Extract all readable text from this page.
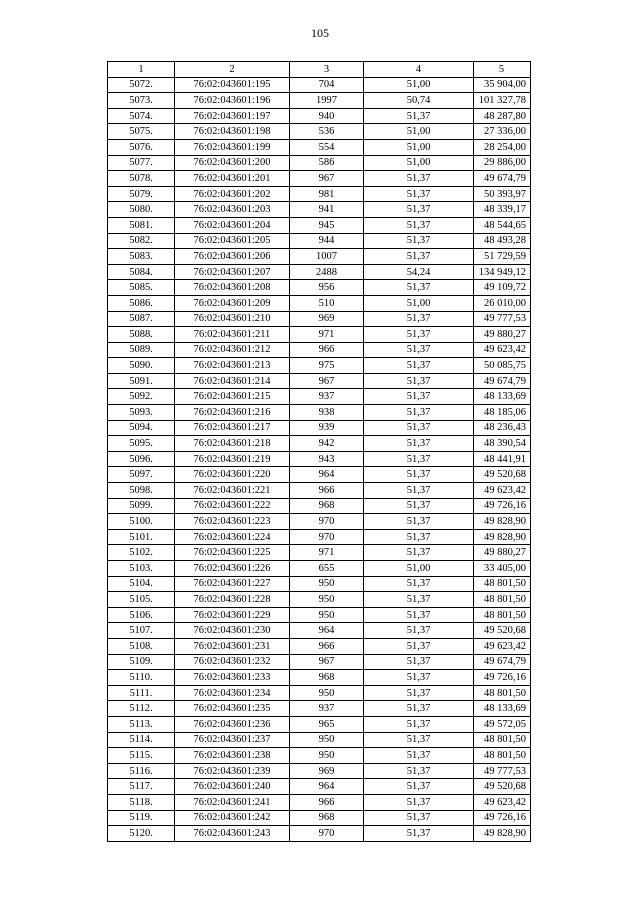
105
1	2	3	4	5
5072.	76:02:043601:195	704	51,00	35 904,00
5073.	76:02:043601:196	1997	50,74	101 327,78
5074.	76:02:043601:197	940	51,37	48 287,80
5075.	76:02:043601:198	536	51,00	27 336,00
5076.	76:02:043601:199	554	51,00	28 254,00
5077.	76:02:043601:200	586	51,00	29 886,00
5078.	76:02:043601:201	967	51,37	49 674,79
5079.	76:02:043601:202	981	51,37	50 393,97
5080.	76:02:043601:203	941	51,37	48 339,17
5081.	76:02:043601:204	945	51,37	48 544,65
5082.	76:02:043601:205	944	51,37	48 493,28
5083.	76:02:043601:206	1007	51,37	51 729,59
5084.	76:02:043601:207	2488	54,24	134 949,12
5085.	76:02:043601:208	956	51,37	49 109,72
5086.	76:02:043601:209	510	51,00	26 010,00
5087.	76:02:043601:210	969	51,37	49 777,53
5088.	76:02:043601:211	971	51,37	49 880,27
5089.	76:02:043601:212	966	51,37	49 623,42
5090.	76:02:043601:213	975	51,37	50 085,75
5091.	76:02:043601:214	967	51,37	49 674,79
5092.	76:02:043601:215	937	51,37	48 133,69
5093.	76:02:043601:216	938	51,37	48 185,06
5094.	76:02:043601:217	939	51,37	48 236,43
5095.	76:02:043601:218	942	51,37	48 390,54
5096.	76:02:043601:219	943	51,37	48 441,91
5097.	76:02:043601:220	964	51,37	49 520,68
5098.	76:02:043601:221	966	51,37	49 623,42
5099.	76:02:043601:222	968	51,37	49 726,16
5100.	76:02:043601:223	970	51,37	49 828,90
5101.	76:02:043601:224	970	51,37	49 828,90
5102.	76:02:043601:225	971	51,37	49 880,27
5103.	76:02:043601:226	655	51,00	33 405,00
5104.	76:02:043601:227	950	51,37	48 801,50
5105.	76:02:043601:228	950	51,37	48 801,50
5106.	76:02:043601:229	950	51,37	48 801,50
5107.	76:02:043601:230	964	51,37	49 520,68
5108.	76:02:043601:231	966	51,37	49 623,42
5109.	76:02:043601:232	967	51,37	49 674,79
5110.	76:02:043601:233	968	51,37	49 726,16
5111.	76:02:043601:234	950	51,37	48 801,50
5112.	76:02:043601:235	937	51,37	48 133,69
5113.	76:02:043601:236	965	51,37	49 572,05
5114.	76:02:043601:237	950	51,37	48 801,50
5115.	76:02:043601:238	950	51,37	48 801,50
5116.	76:02:043601:239	969	51,37	49 777,53
5117.	76:02:043601:240	964	51,37	49 520,68
5118.	76:02:043601:241	966	51,37	49 623,42
5119.	76:02:043601:242	968	51,37	49 726,16
5120.	76:02:043601:243	970	51,37	49 828,90
